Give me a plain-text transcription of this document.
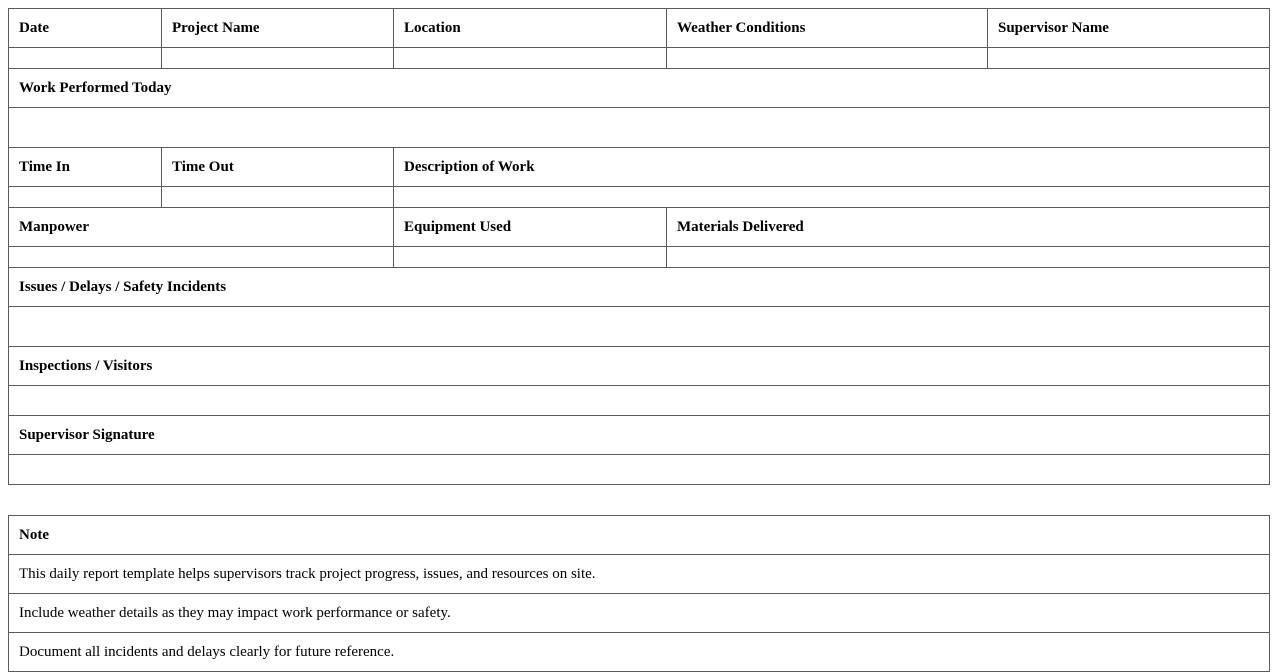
Date	Project Name	Location	Weather Conditions	Supervisor Name

Work Performed Today				

Time In	Time Out	Description of Work		

Manpower		Equipment Used	Materials Delivered	

Issues / Delays / Safety Incidents				

Inspections / Visitors				

Supervisor Signature				

Note
This daily report template helps supervisors track project progress, issues, and resources on site.
Include weather details as they may impact work performance or safety.
Document all incidents and delays clearly for future reference.
